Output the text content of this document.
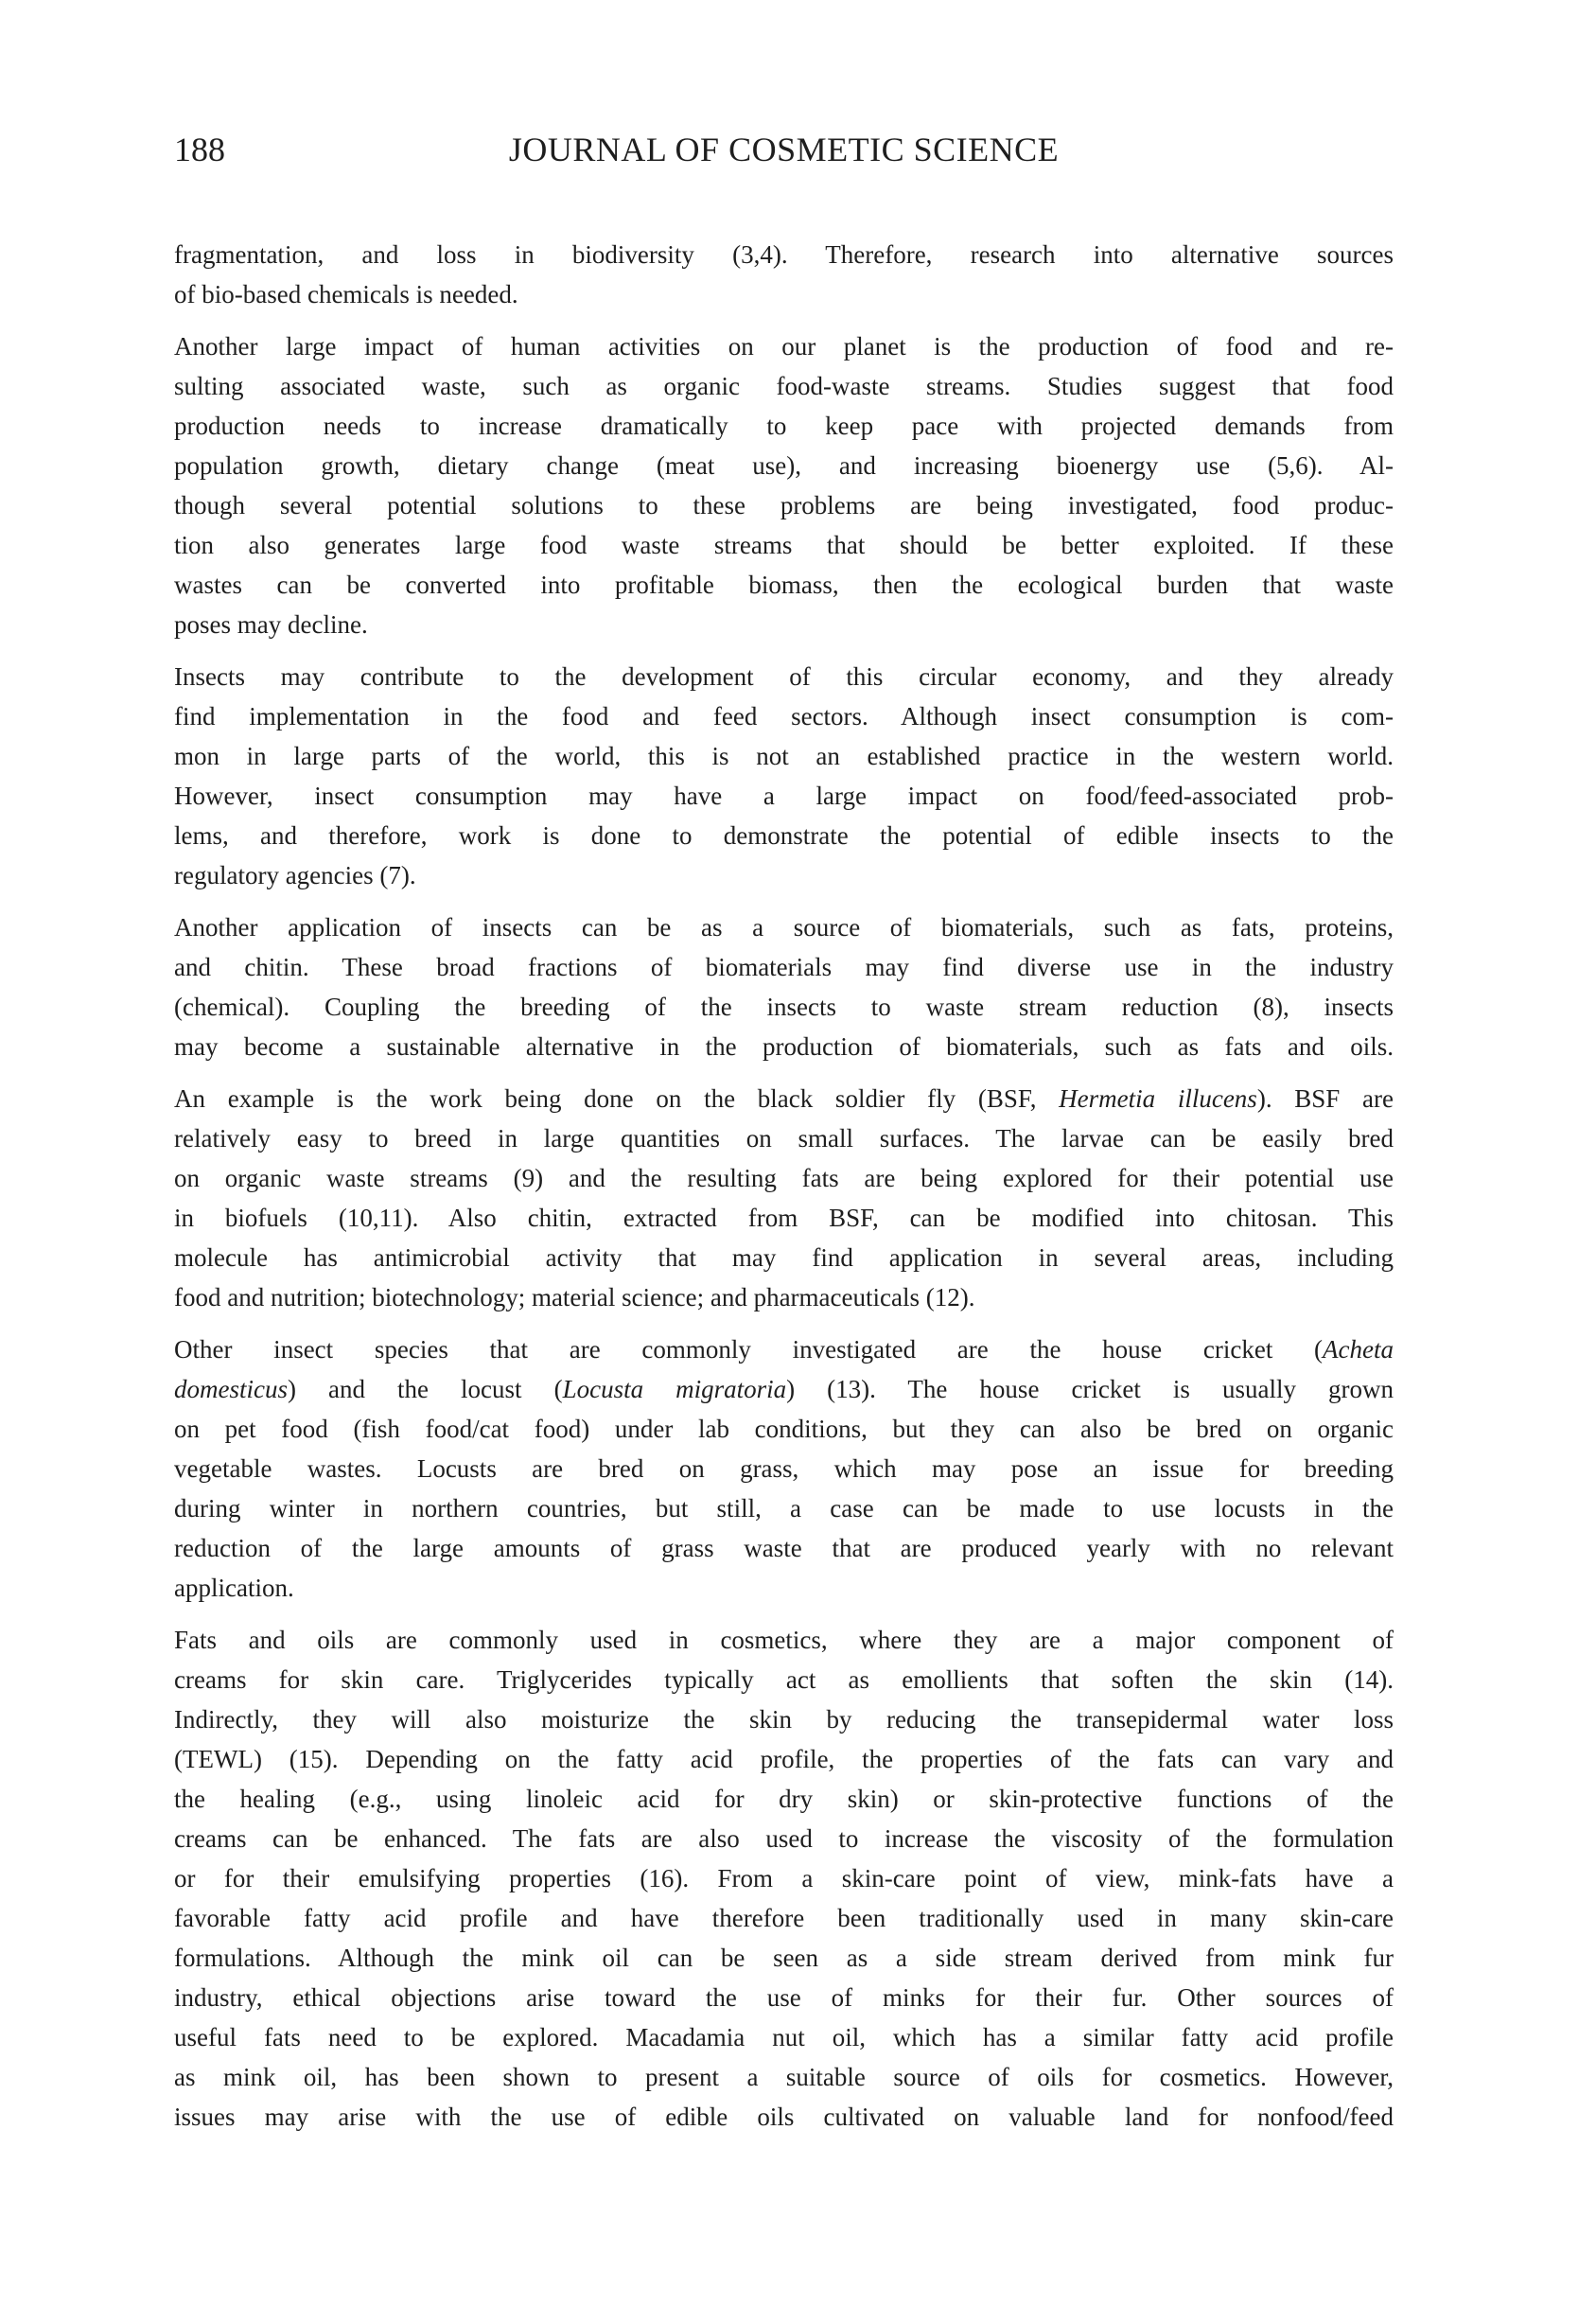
188	JOURNAL OF COSMETIC SCIENCE

fragmentation, and loss in biodiversity (3,4). Therefore, research into alternative sources
of bio-based chemicals is needed.

Another large impact of human activities on our planet is the production of food and re-
sulting associated waste, such as organic food-waste streams. Studies suggest that food
production needs to increase dramatically to keep pace with projected demands from
population growth, dietary change (meat use), and increasing bioenergy use (5,6). Al-
though several potential solutions to these problems are being investigated, food produc-
tion also generates large food waste streams that should be better exploited. If these
wastes can be converted into profitable biomass, then the ecological burden that waste
poses may decline.

Insects may contribute to the development of this circular economy, and they already
find implementation in the food and feed sectors. Although insect consumption is com-
mon in large parts of the world, this is not an established practice in the western world.
However, insect consumption may have a large impact on food/feed-associated prob-
lems, and therefore, work is done to demonstrate the potential of edible insects to the
regulatory agencies (7).

Another application of insects can be as a source of biomaterials, such as fats, proteins,
and chitin. These broad fractions of biomaterials may find diverse use in the industry
(chemical). Coupling the breeding of the insects to waste stream reduction (8), insects
may become a sustainable alternative in the production of biomaterials, such as fats and oils.

An example is the work being done on the black soldier fly (BSF, Hermetia illucens). BSF are
relatively easy to breed in large quantities on small surfaces. The larvae can be easily bred
on organic waste streams (9) and the resulting fats are being explored for their potential use
in biofuels (10,11). Also chitin, extracted from BSF, can be modified into chitosan. This
molecule has antimicrobial activity that may find application in several areas, including
food and nutrition; biotechnology; material science; and pharmaceuticals (12).

Other insect species that are commonly investigated are the house cricket (Acheta
domesticus) and the locust (Locusta migratoria) (13). The house cricket is usually grown
on pet food (fish food/cat food) under lab conditions, but they can also be bred on organic
vegetable wastes. Locusts are bred on grass, which may pose an issue for breeding
during winter in northern countries, but still, a case can be made to use locusts in the
reduction of the large amounts of grass waste that are produced yearly with no relevant
application.

Fats and oils are commonly used in cosmetics, where they are a major component of
creams for skin care. Triglycerides typically act as emollients that soften the skin (14).
Indirectly, they will also moisturize the skin by reducing the transepidermal water loss
(TEWL) (15). Depending on the fatty acid profile, the properties of the fats can vary and
the healing (e.g., using linoleic acid for dry skin) or skin-protective functions of the
creams can be enhanced. The fats are also used to increase the viscosity of the formulation
or for their emulsifying properties (16). From a skin-care point of view, mink-fats have a
favorable fatty acid profile and have therefore been traditionally used in many skin-care
formulations. Although the mink oil can be seen as a side stream derived from mink fur
industry, ethical objections arise toward the use of minks for their fur. Other sources of
useful fats need to be explored. Macadamia nut oil, which has a similar fatty acid profile
as mink oil, has been shown to present a suitable source of oils for cosmetics. However,
issues may arise with the use of edible oils cultivated on valuable land for nonfood/feed
